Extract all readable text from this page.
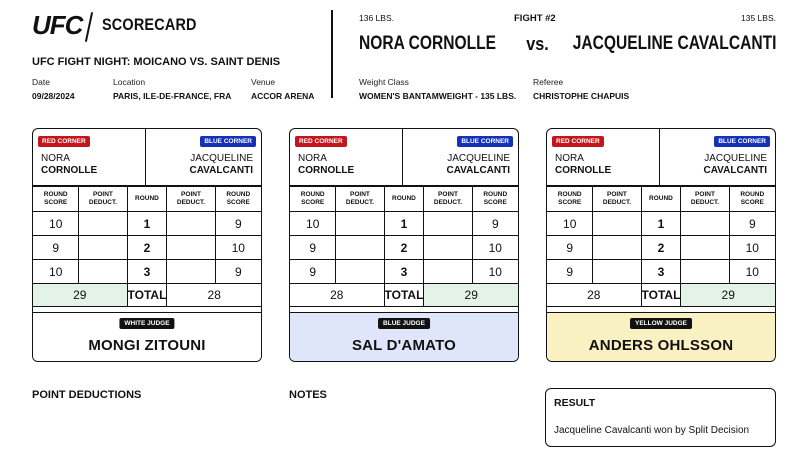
UFC SCORECARD
UFC FIGHT NIGHT: MOICANO VS. SAINT DENIS
Date
09/28/2024
Location
PARIS, ILE-DE-FRANCE, FRA
Venue
ACCOR ARENA
136 LBS.	FIGHT #2	135 LBS.
NORA CORNOLLE vs. JACQUELINE CAVALCANTI
Weight Class
WOMEN'S BANTAMWEIGHT - 135 LBS.
Referee
CHRISTOPHE CHAPUIS
RED CORNER
NORA
CORNOLLE
BLUE CORNER
JACQUELINE
CAVALCANTI
ROUND SCORE	POINT DEDUCT.	ROUND	POINT DEDUCT.	ROUND SCORE
10		1		9
9		2		10
10		3		9
29		TOTAL	28	
WHITE JUDGE
MONGI ZITOUNI
RED CORNER
NORA
CORNOLLE
BLUE CORNER
JACQUELINE
CAVALCANTI
ROUND SCORE	POINT DEDUCT.	ROUND	POINT DEDUCT.	ROUND SCORE
10		1		9
9		2		10
9		3		10
28		TOTAL	29	
BLUE JUDGE
SAL D'AMATO
RED CORNER
NORA
CORNOLLE
BLUE CORNER
JACQUELINE
CAVALCANTI
ROUND SCORE	POINT DEDUCT.	ROUND	POINT DEDUCT.	ROUND SCORE
10		1		9
9		2		10
9		3		10
28		TOTAL	29	
YELLOW JUDGE
ANDERS OHLSSON
POINT DEDUCTIONS	NOTES
RESULT
Jacqueline Cavalcanti won by Split Decision
